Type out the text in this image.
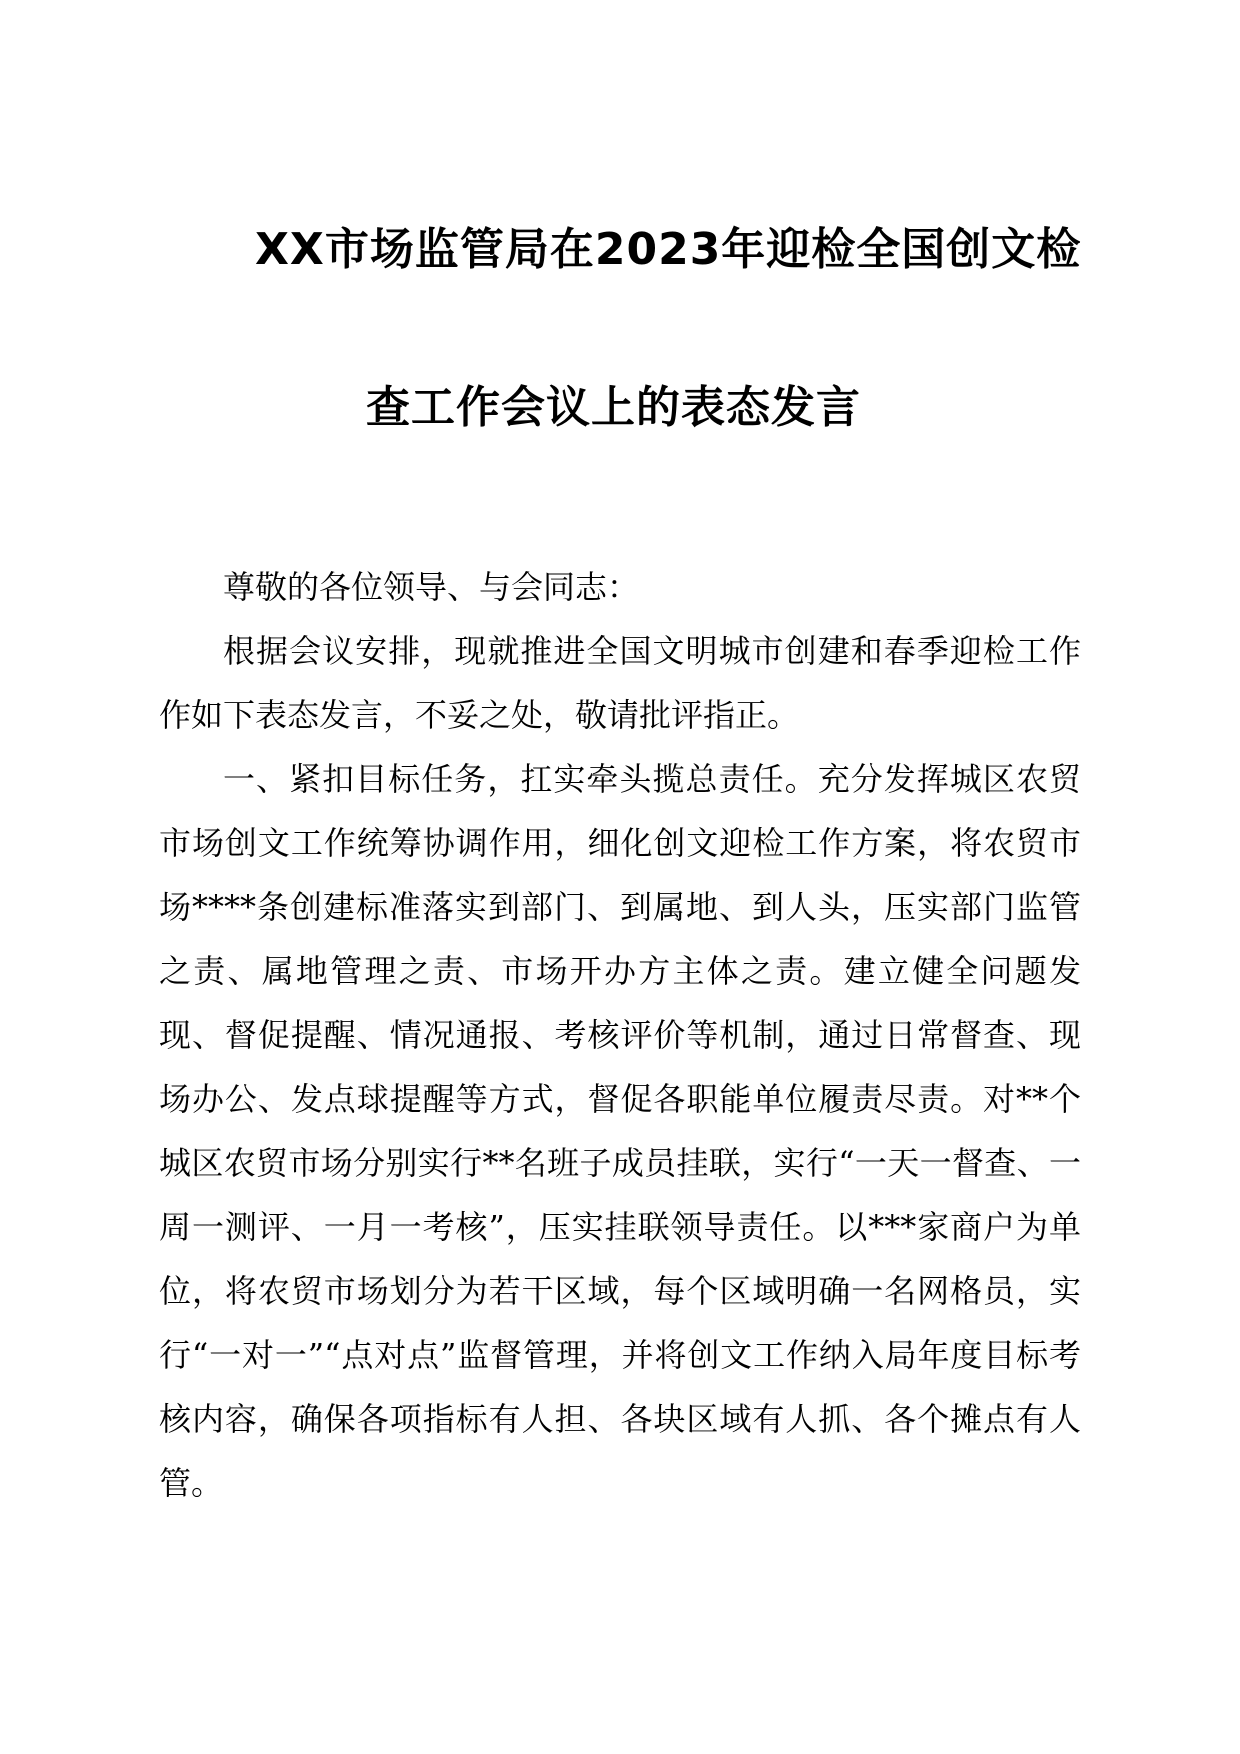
XX市场监管局在2023年迎检全国创文检
查工作会议上的表态发言
尊敬的各位领导、与会同志：

根据会议安排，现就推进全国文明城市创建和春季迎检工作作如下表态发言，不妥之处，敬请批评指正。

一、紧扣目标任务，扛实牵头揽总责任。充分发挥城区农贸市场创文工作统筹协调作用，细化创文迎检工作方案，将农贸市场****条创建标准落实到部门、到属地、到人头，压实部门监管之责、属地管理之责、市场开办方主体之责。建立健全问题发现、督促提醒、情况通报、考核评价等机制，通过日常督查、现场办公、发点球提醒等方式，督促各职能单位履责尽责。对**个城区农贸市场分别实行**名班子成员挂联，实行“一天一督查、一周一测评、一月一考核”，压实挂联领导责任。以***家商户为单位，将农贸市场划分为若干区域，每个区域明确一名网格员，实行“一对一”“点对点”监督管理，并将创文工作纳入局年度目标考核内容，确保各项指标有人担、各块区域有人抓、各个摊点有人管。
